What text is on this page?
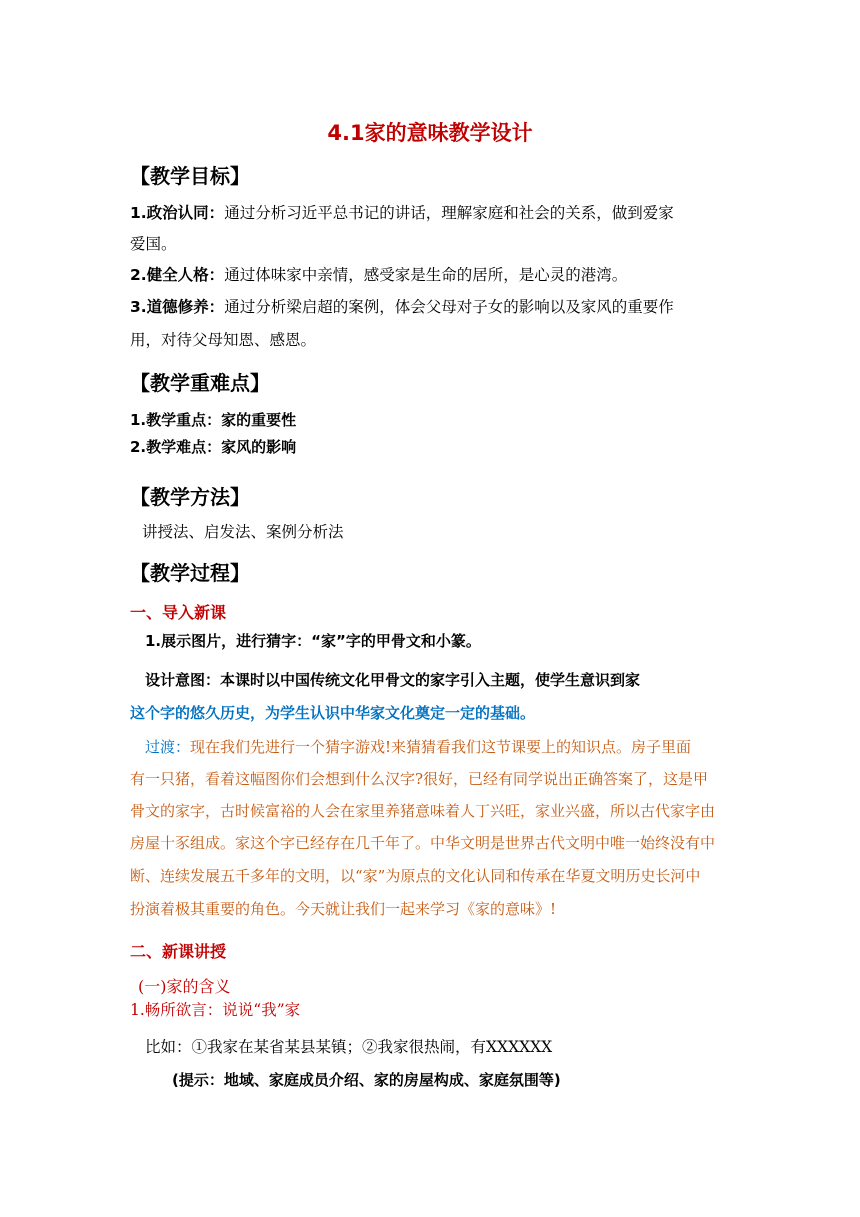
4.1家的意味教学设计
【教学目标】
1.政治认同：通过分析习近平总书记的讲话，理解家庭和社会的关系，做到爱家
爱国。
2.健全人格：通过体味家中亲情，感受家是生命的居所，是心灵的港湾。
3.道德修养：通过分析梁启超的案例，体会父母对子女的影响以及家风的重要作
用，对待父母知恩、感恩。
【教学重难点】
1.教学重点：家的重要性
2.教学难点：家风的影响
【教学方法】
讲授法、启发法、案例分析法
【教学过程】
一、导入新课
1.展示图片，进行猜字：“家”字的甲骨文和小篆。
设计意图：本课时以中国传统文化甲骨文的家字引入主题，使学生意识到家
这个字的悠久历史，为学生认识中华家文化奠定一定的基础。
过渡：现在我们先进行一个猜字游戏!来猜猜看我们这节课要上的知识点。房子里面
有一只猪，看着这幅图你们会想到什么汉字?很好，已经有同学说出正确答案了，这是甲
骨文的家字，古时候富裕的人会在家里养猪意味着人丁兴旺，家业兴盛，所以古代家字由
房屋十豕组成。家这个字已经存在几千年了。中华文明是世界古代文明中唯一始终没有中
断、连续发展五千多年的文明，以“家”为原点的文化认同和传承在华夏文明历史长河中
扮演着极其重要的角色。今天就让我们一起来学习《家的意味》!
二、新课讲授
(一)家的含义
1.畅所欲言：说说“我”家
比如：①我家在某省某县某镇；②我家很热闹，有XXXXXX
(提示：地域、家庭成员介绍、家的房屋构成、家庭氛围等)
